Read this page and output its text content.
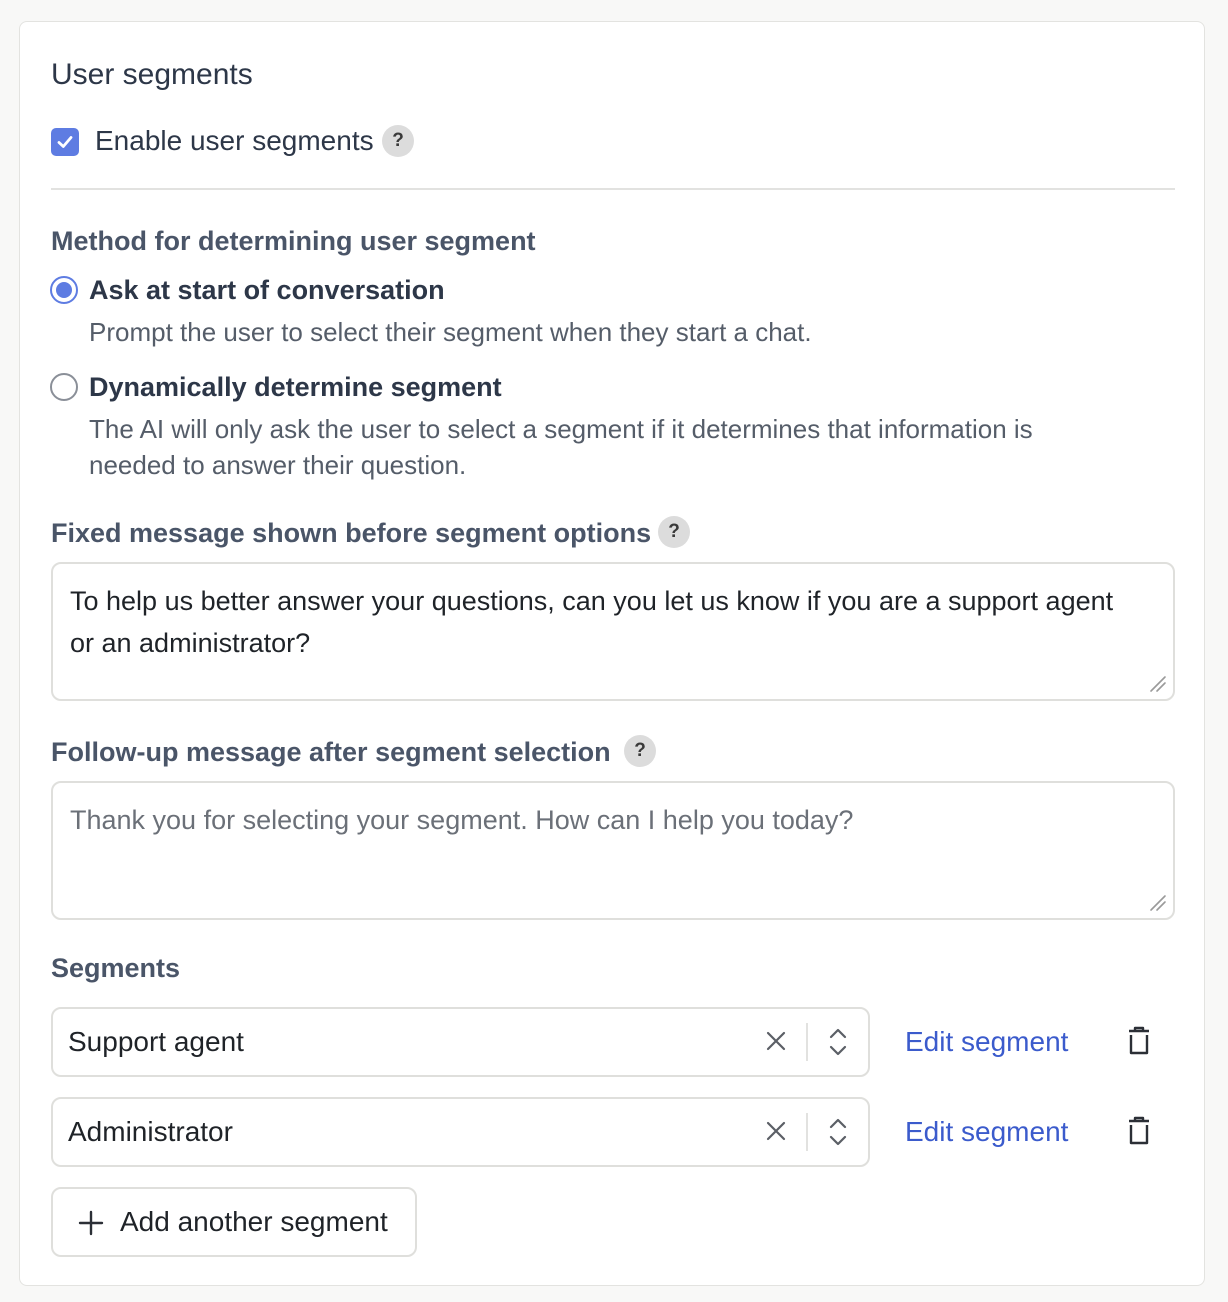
User segments
Enable user segments ?
Method for determining user segment
Ask at start of conversation
Prompt the user to select their segment when they start a chat.
Dynamically determine segment
The AI will only ask the user to select a segment if it determines that information is
needed to answer their question.
Fixed message shown before segment options ?
To help us better answer your questions, can you let us know if you are a support agent
or an administrator?
Follow-up message after segment selection	?
Thank you for selecting your segment. How can I help you today?
Segments
Support agent	Edit segment
Administrator	Edit segment
Add another segment
